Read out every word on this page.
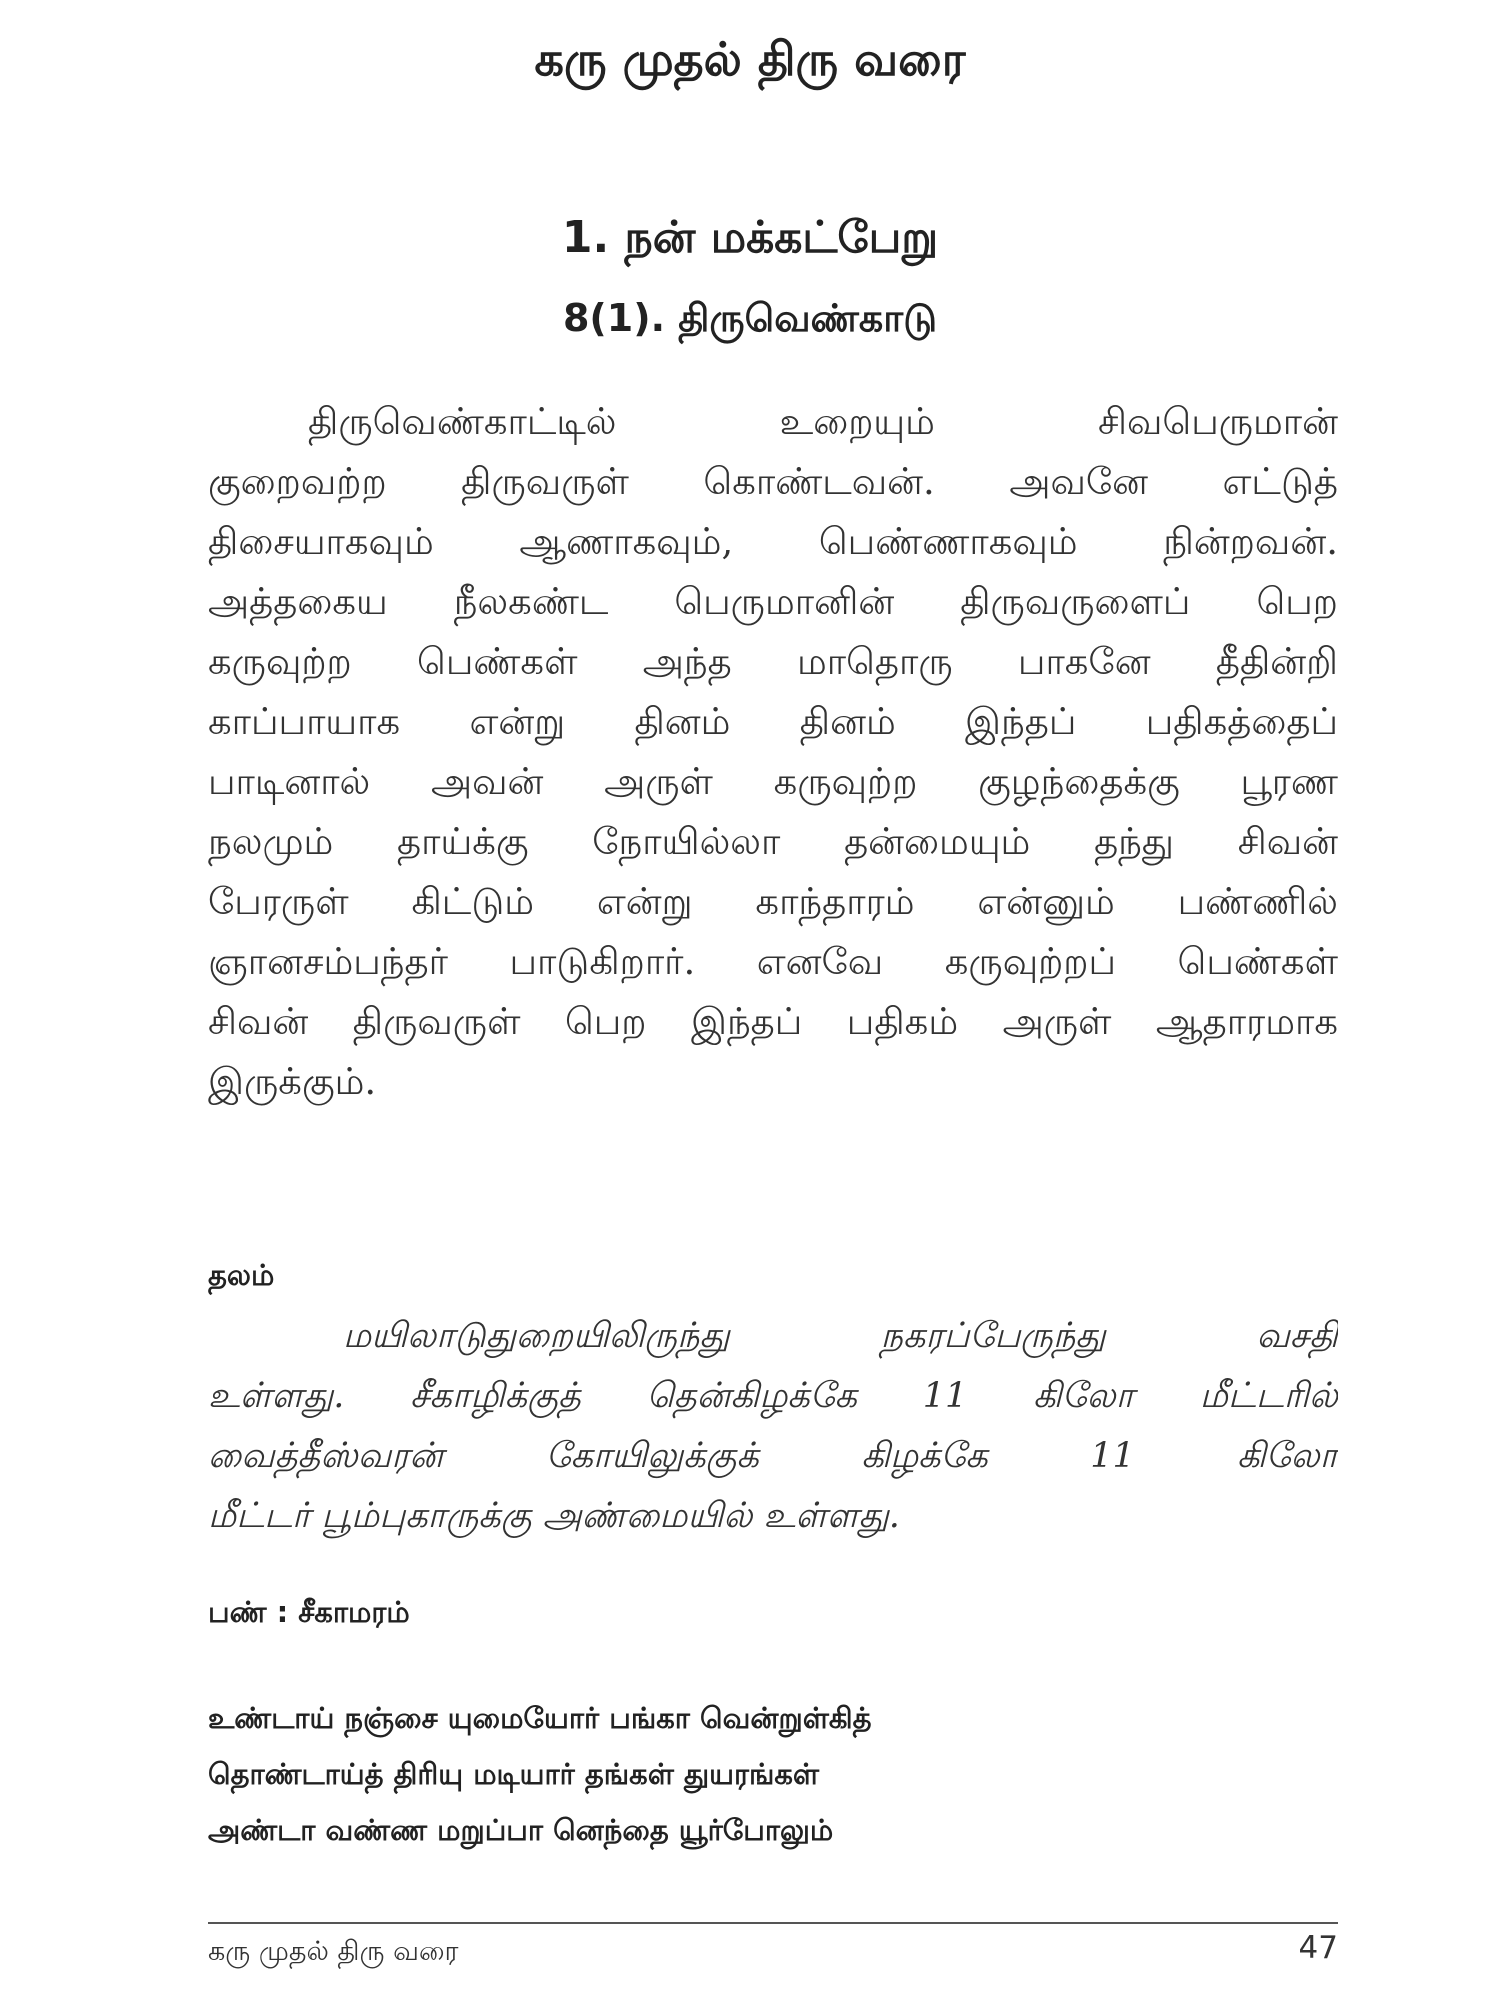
கரு முதல் திரு வரை
1. நன் மக்கட்பேறு
8(1). திருவெண்காடு
திருவெண்காட்டில் உறையும் சிவபெருமான்
குறைவற்ற திருவருள் கொண்டவன். அவனே எட்டுத்
திசையாகவும் ஆணாகவும், பெண்ணாகவும் நின்றவன்.
அத்தகைய நீலகண்ட பெருமானின் திருவருளைப் பெற
கருவுற்ற பெண்கள் அந்த மாதொரு பாகனே தீதின்றி
காப்பாயாக என்று தினம் தினம் இந்தப் பதிகத்தைப்
பாடினால் அவன் அருள் கருவுற்ற குழந்தைக்கு பூரண
நலமும் தாய்க்கு நோயில்லா தன்மையும் தந்து சிவன்
பேரருள் கிட்டும் என்று காந்தாரம் என்னும் பண்ணில்
ஞானசம்பந்தர் பாடுகிறார். எனவே கருவுற்றப் பெண்கள்
சிவன் திருவருள் பெற இந்தப் பதிகம் அருள் ஆதாரமாக
இருக்கும்.
தலம்
மயிலாடுதுறையிலிருந்து நகரப்பேருந்து வசதி
உள்ளது. சீகாழிக்குத் தென்கிழக்கே 11 கிலோ மீட்டரில்
வைத்தீஸ்வரன் கோயிலுக்குக் கிழக்கே 11 கிலோ
மீட்டர் பூம்புகாருக்கு அண்மையில் உள்ளது.
பண் : சீகாமரம்
உண்டாய் நஞ்சை யுமையோர் பங்கா வென்றுள்கித்
தொண்டாய்த் திரியு மடியார் தங்கள் துயரங்கள்
அண்டா வண்ண மறுப்பா னெந்தை யூர்போலும்
கரு முதல் திரு வரை	47
